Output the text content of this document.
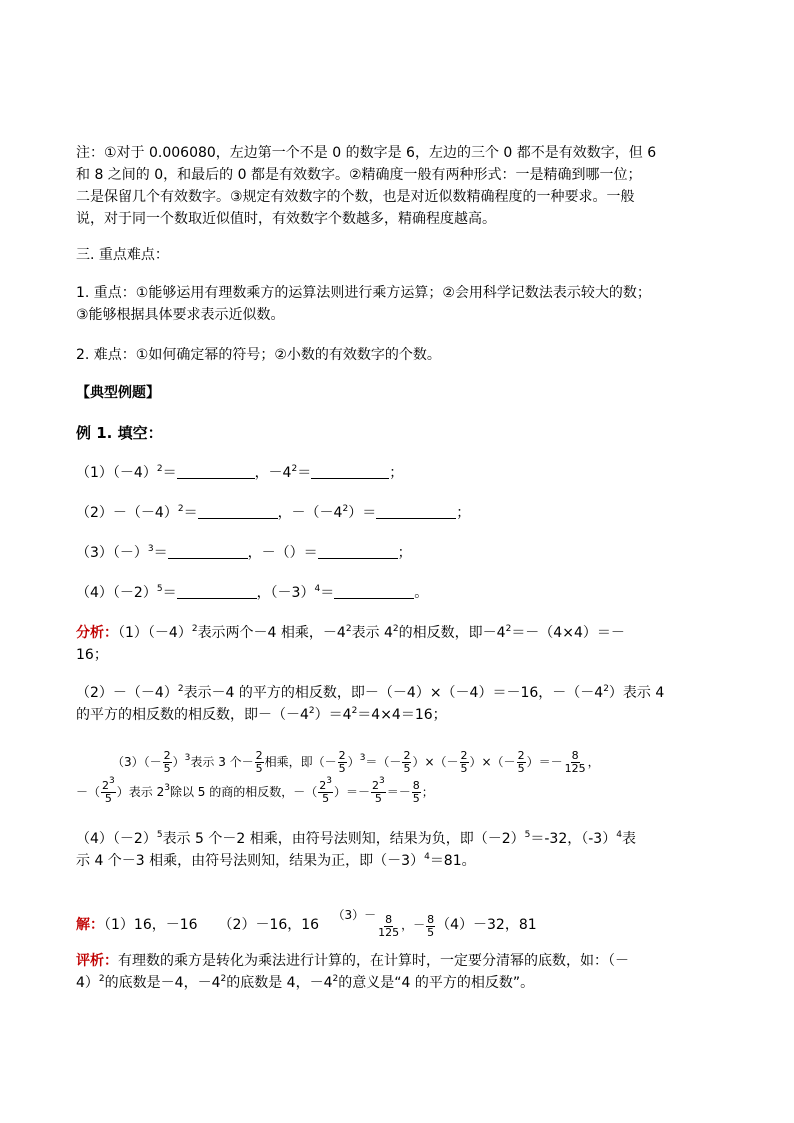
注：①对于 0.006080，左边第一个不是 0 的数字是 6，左边的三个 0 都不是有效数字，但 6
和 8 之间的 0，和最后的 0 都是有效数字。②精确度一般有两种形式：一是精确到哪一位；
二是保留几个有效数字。③规定有效数字的个数，也是对近似数精确程度的一种要求。一般
说，对于同一个数取近似值时，有效数字个数越多，精确程度越高。
三. 重点难点：
1. 重点：①能够运用有理数乘方的运算法则进行乘方运算；②会用科学记数法表示较大的数；
③能够根据具体要求表示近似数。
2. 难点：①如何确定幂的符号；②小数的有效数字的个数。
【典型例题】
例 1. 填空：
$(1)(-4)^2=$	，$-4^2=$	；
$(2)-(-4)^2=$	，$-(-4^2)=$	；
$(3)(-)^3=$	，－（）＝	；
$(4)(-2)^5=$	，$(-3)^4=$	。
分析：$(1)(-4)^2$表示两个－4 相乘，$-4^2$表示 $4^2$的相反数，即$-4^2=-(4\times 4)=-$
16；
$(2)-(-4)^2$表示－4 的平方的相反数，即－（－4）×（－4）＝－16，$-(-4^2)$表示 4
的平方的相反数的相反数，即$-(-4^2)=4^2=4\times 4=16$；
$(3)(- \frac{2}{5} )^3$表示 3 个－ $\frac{2}{5}$ 相乘，即（－ $\frac{2}{5} )^3=(- \frac{2}{5}$ ）×（－ $\frac{2}{5}$ ）×（－ $\frac{2}{5}$ ）＝－ $\frac{8}{125}$ ，
－（ $\frac{2^3}{5}$ ）表示 $2^3$除以 5 的商的相反数，－（ $\frac{2^3}{5}$ ）＝－ $\frac{2^3}{5} =- \frac{8}{5}$ ；
$(4)(-2)^5$表示 5 个－2 相乘，由符号法则知，结果为负，即$(-2)^5=-32$，$(-3)^4$表
示 4 个－3 相乘，由符号法则知，结果为正，即$(-3)^4=81$。
解：（1）16，－16　　（2）－16，16   $(3)- \frac{8}{125}$ ，－ $\frac{8}{5} (4)-32$，81
评析：有理数的乘方是转化为乘法进行计算的，在计算时，一定要分清幂的底数，如：（－
4）$^2$的底数是－4，$-4^2$的底数是 4，$-4^2$的意义是“4 的平方的相反数”。
